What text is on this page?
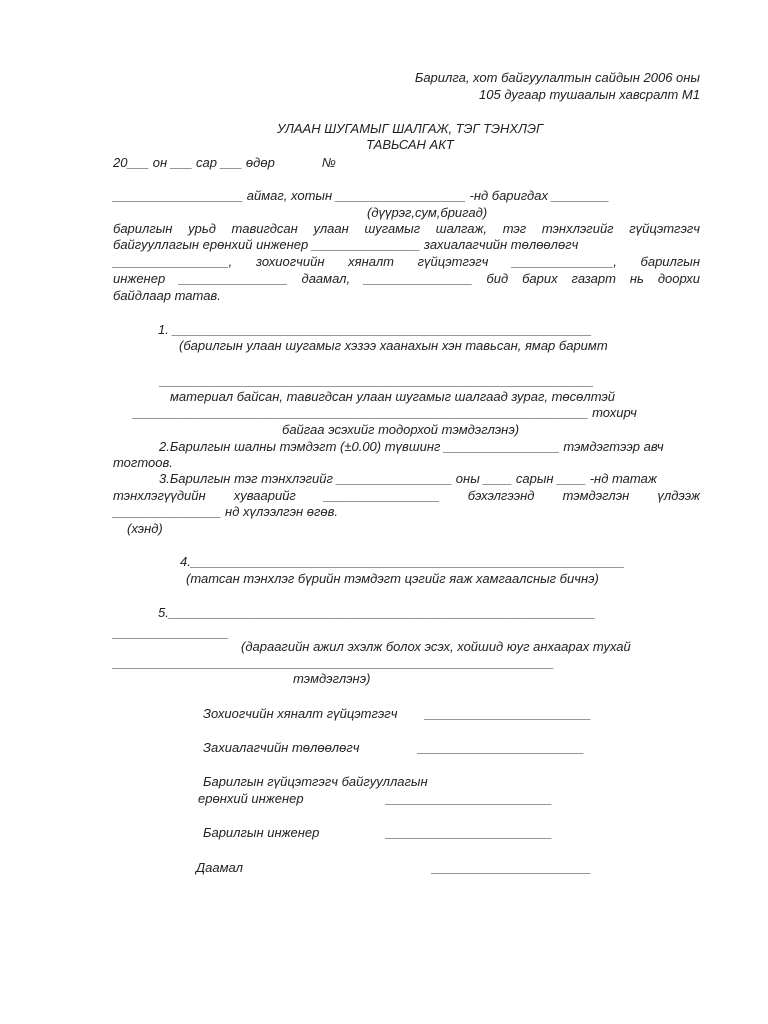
Барилга, хот байгуулалтын сайдын 2006 оны
105 дугаар тушаалын хавсралт М1
УЛААН ШУГАМЫГ ШАЛГАЖ, ТЭГ ТЭНХЛЭГ
ТАВЬСАН АКТ
20___ он ___ сар ___ өдөр             №
__________________ аймаг, хотын __________________ -нд баригдах ________
(дүүрэг,сум,бригад)
барилгын урьд тавигдсан улаан шугамыг шалгаж, тэг тэнхлэгийг гүйцэтгэгч
байгууллагын ерөнхий инженер _______________ захиалагчийн төлөөлөгч
________________, зохиогчийн хяналт гүйцэтгэгч ______________, барилгын
инженер _______________ даамал, _______________ бид барих газарт нь доорхи
байдлаар татав.
1. __________________________________________________________
(барилгын улаан шугамыг хэзээ хаанахын хэн тавьсан, ямар баримт
____________________________________________________________
материал байсан, тавигдсан улаан шугамыг шалгаад зураг, төсөлтэй
_______________________________________________________________ тохирч
байгаа эсэхийг тодорхой тэмдэглэнэ)
2.Барилгын шалны тэмдэгт (±0.00) түвшинг ________________ тэмдэгтээр авч
тогтоов.
3.Барилгын тэг тэнхлэгийг ________________ оны ____ сарын ____ -нд татаж
тэнхлэгүүдийн хуваарийг ________________ бэхэлгээнд тэмдэглэн үлдээж
_______________ нд хүлээлгэн өгөв.
(хэнд)
4.____________________________________________________________
(татсан тэнхлэг бүрийн тэмдэгт цэгийг яаж хамгаалсныг бичнэ)
5.___________________________________________________________
________________
(дараагийн ажил эхэлж болох эсэх, хойшид юуг анхаарах тухай
_____________________________________________________________
тэмдэглэнэ)
Зохиогчийн хяналт гүйцэтгэгч _______________________
Захиалагчийн төлөөлөгч	_______________________
Барилгын гүйцэтгэгч байгууллагын
ерөнхий инженер	_______________________
Барилгын инженер	_______________________
Даамал	______________________
